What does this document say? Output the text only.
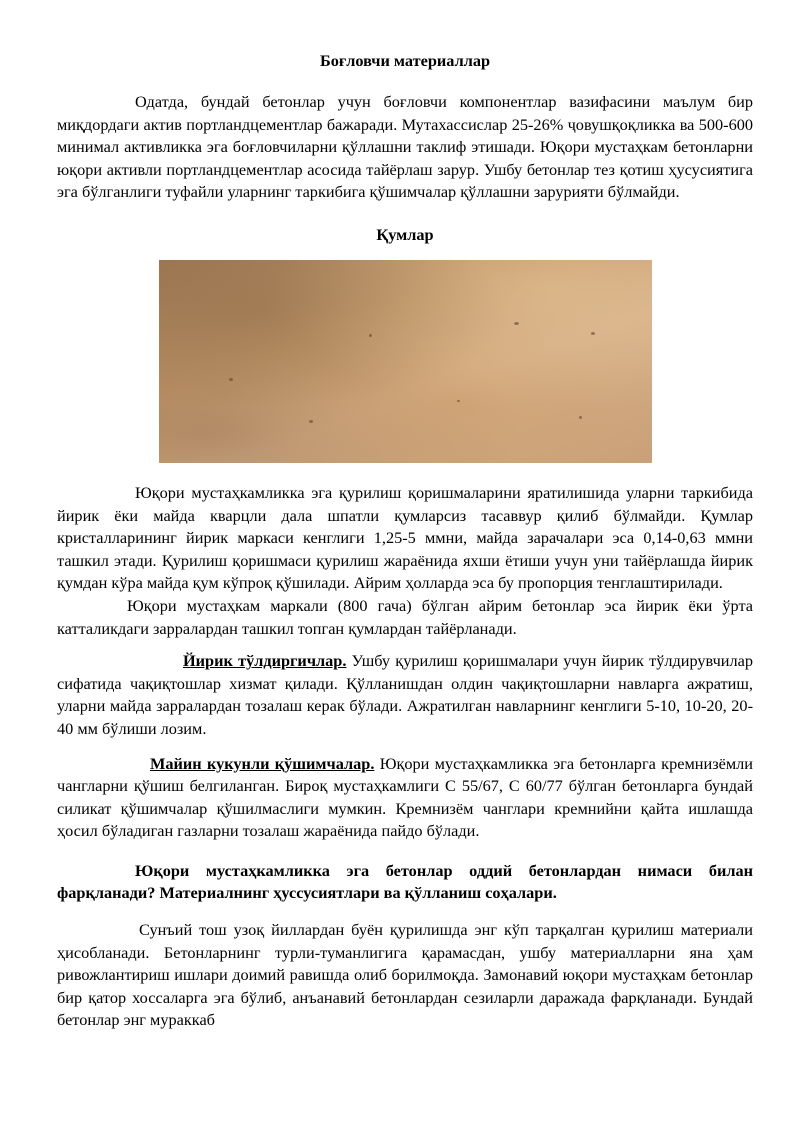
Боғловчи материаллар

Одатда, бундай бетонлар учун боғловчи компонентлар вазифасини маълум бир миқдордаги актив портландцементлар бажаради. Мутахассислар 25-26% ҷовушқоқликка ва 500-600 минимал активликка эга боғловчиларни қўллашни таклиф этишади. Юқори мустаҳкам бетонларни юқори активли портландцементлар асосида тайёрлаш зарур. Ушбу бетонлар тез қотиш ҳусусиятига эга бўлганлиги туфайли уларнинг таркибига қўшимчалар қўллашни зарурияти бўлмайди.

Қумлар

Юқори мустаҳкамликка эга қурилиш қоришмаларини яратилишида уларни таркибида йирик ёки майда кварцли дала шпатли қумларсиз тасаввур қилиб бўлмайди. Қумлар кристалларининг йирик маркаси кенглиги 1,25-5 ммни, майда зарачалари эса 0,14-0,63 ммни ташкил этади. Қурилиш қоришмаси қурилиш жараёнида яхши ётиши учун уни тайёрлашда йирик қумдан кўра майда қум кўпроқ қўшилади. Айрим ҳолларда эса бу пропорция тенглаштирилади.

Юқори мустаҳкам маркали (800 гача) бўлган айрим бетонлар эса йирик ёки ўрта катталикдаги зарралардан ташкил топган қумлардан тайёрланади.

Йирик тўлдиргичлар. Ушбу қурилиш қоришмалари учун йирик тўлдирувчилар сифатида чақиқтошлар хизмат қилади. Қўлланишдан олдин чақиқтошларни навларга ажратиш, уларни майда зарралардан тозалаш керак бўлади. Ажратилган навларнинг кенглиги 5-10, 10-20, 20-40 мм бўлиши лозим.

Майин кукунли қўшимчалар. Юқори мустаҳкамликка эга бетонларга кремнизёмли чангларни қўшиш белгиланган. Бироқ мустаҳкамлиги С 55/67, С 60/77 бўлган бетонларга бундай силикат қўшимчалар қўшилмаслиги мумкин. Кремнизём чанглари кремнийни қайта ишлашда ҳосил бўладиган газларни тозалаш жараёнида пайдо бўлади.

Юқори мустаҳкамликка эга бетонлар оддий бетонлардан нимаси билан фарқланади? Материалнинг ҳуссусиятлари ва қўлланиш соҳалари.

Сунъий тош узоқ йиллардан буён қурилишда энг кўп тарқалган қурилиш материали ҳисобланади. Бетонларнинг турли-туманлигига қарамасдан, ушбу материалларни яна ҳам ривожлантириш ишлари доимий равишда олиб борилмоқда. Замонавий юқори мустаҳкам бетонлар бир қатор хоссаларга эга бўлиб, анъанавий бетонлардан сезиларли даражада фарқланади. Бундай бетонлар энг мураккаб
